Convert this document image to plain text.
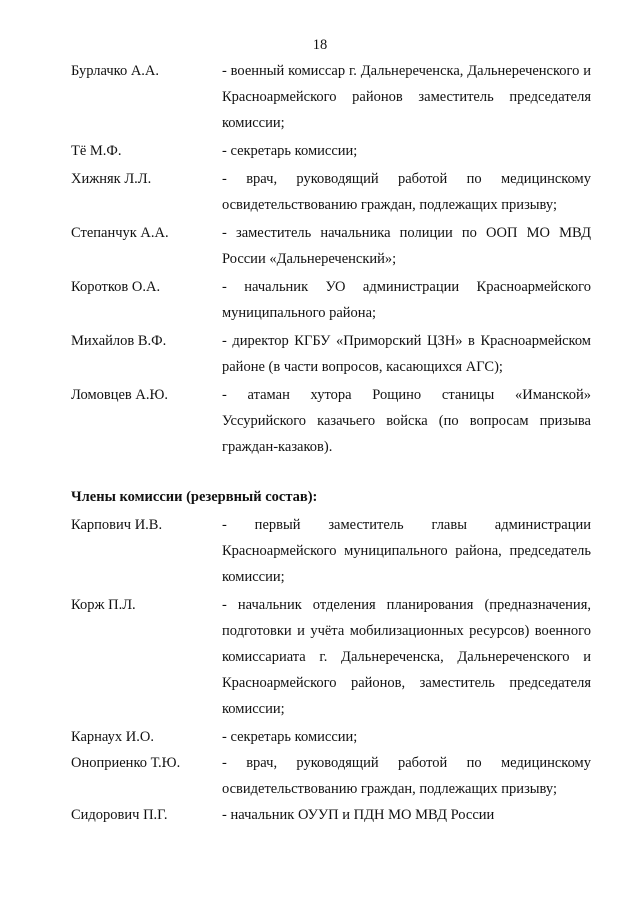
18
Бурлачко А.А.	- военный комиссар г. Дальнереченска, Дальнереченского и Красноармейского районов заместитель председателя комиссии;
Тё М.Ф.	- секретарь комиссии;
Хижняк Л.Л.	- врач, руководящий работой по медицинскому освидетельствованию граждан, подлежащих призыву;
Степанчук А.А.	- заместитель начальника полиции по ООП МО МВД России «Дальнереченский»;
Коротков О.А.	- начальник УО администрации Красноармейского муниципального района;
Михайлов В.Ф.	- директор КГБУ «Приморский ЦЗН» в Красноармейском районе (в части вопросов, касающихся АГС);
Ломовцев А.Ю.	- атаман хутора Рощино станицы «Иманской» Уссурийского казачьего войска (по вопросам призыва граждан-казаков).
Члены комиссии (резервный состав):
Карпович И.В.	- первый заместитель главы администрации Красноармейского муниципального района, председатель комиссии;
Корж П.Л.	- начальник отделения планирования (предназначения, подготовки и учёта мобилизационных ресурсов) военного комиссариата г. Дальнереченска, Дальнереченского и Красноармейского районов, заместитель председателя комиссии;
Карнаух И.О.	- секретарь комиссии;
Оноприенко Т.Ю.	- врач, руководящий работой по медицинскому освидетельствованию граждан, подлежащих призыву;
Сидорович П.Г.	- начальник ОУУП и ПДН МО МВД России
